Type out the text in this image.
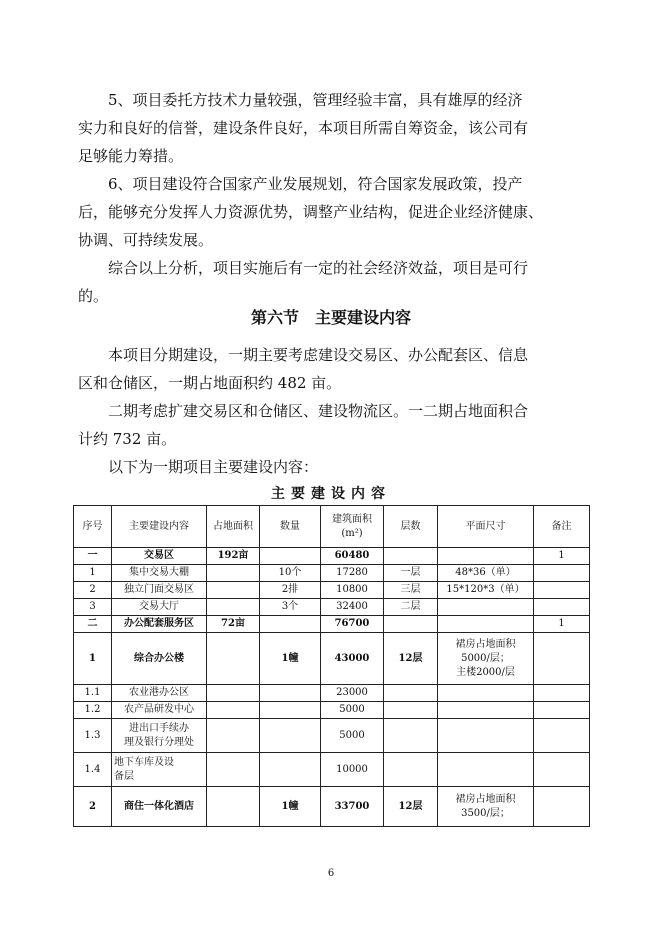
　　5、项目委托方技术力量较强，管理经验丰富，具有雄厚的经济
实力和良好的信誉，建设条件良好，本项目所需自筹资金，该公司有
足够能力筹措。
　　6、项目建设符合国家产业发展规划，符合国家发展政策，投产
后，能够充分发挥人力资源优势，调整产业结构，促进企业经济健康、
协调、可持续发展。
　　综合以上分析，项目实施后有一定的社会经济效益，项目是可行
的。
第六节　主要建设内容
　　本项目分期建设，一期主要考虑建设交易区、办公配套区、信息
区和仓储区，一期占地面积约 482 亩。
　　二期考虑扩建交易区和仓储区、建设物流区。一二期占地面积合
计约 732 亩。
　　以下为一期项目主要建设内容：
主要建设内容
序号	主要建设内容	占地面积	数量	建筑面积
(m²)	层数	平面尺寸	备注
一	交易区	192亩		60480			1
1	集中交易大棚		10个	17280	一层	48*36（单）	
2	独立门面交易区		2排	10800	三层	15*120*3（单）	
3	交易大厅		3个	32400	二层		
二	办公配套服务区	72亩		76700			1
1	综合办公楼		1幢	43000	12层	裙房占地面积
5000/层；
主楼2000/层	

1.1	农业港办公区			23000			
1.2	农产品研发中心			5000			
1.3	进出口手续办
理及银行分理处			5000			
1.4	地下车库及设
备层			10000			
2	商住一体化酒店		1幢	33700	12层	裙房占地面积
3500/层；	

6
